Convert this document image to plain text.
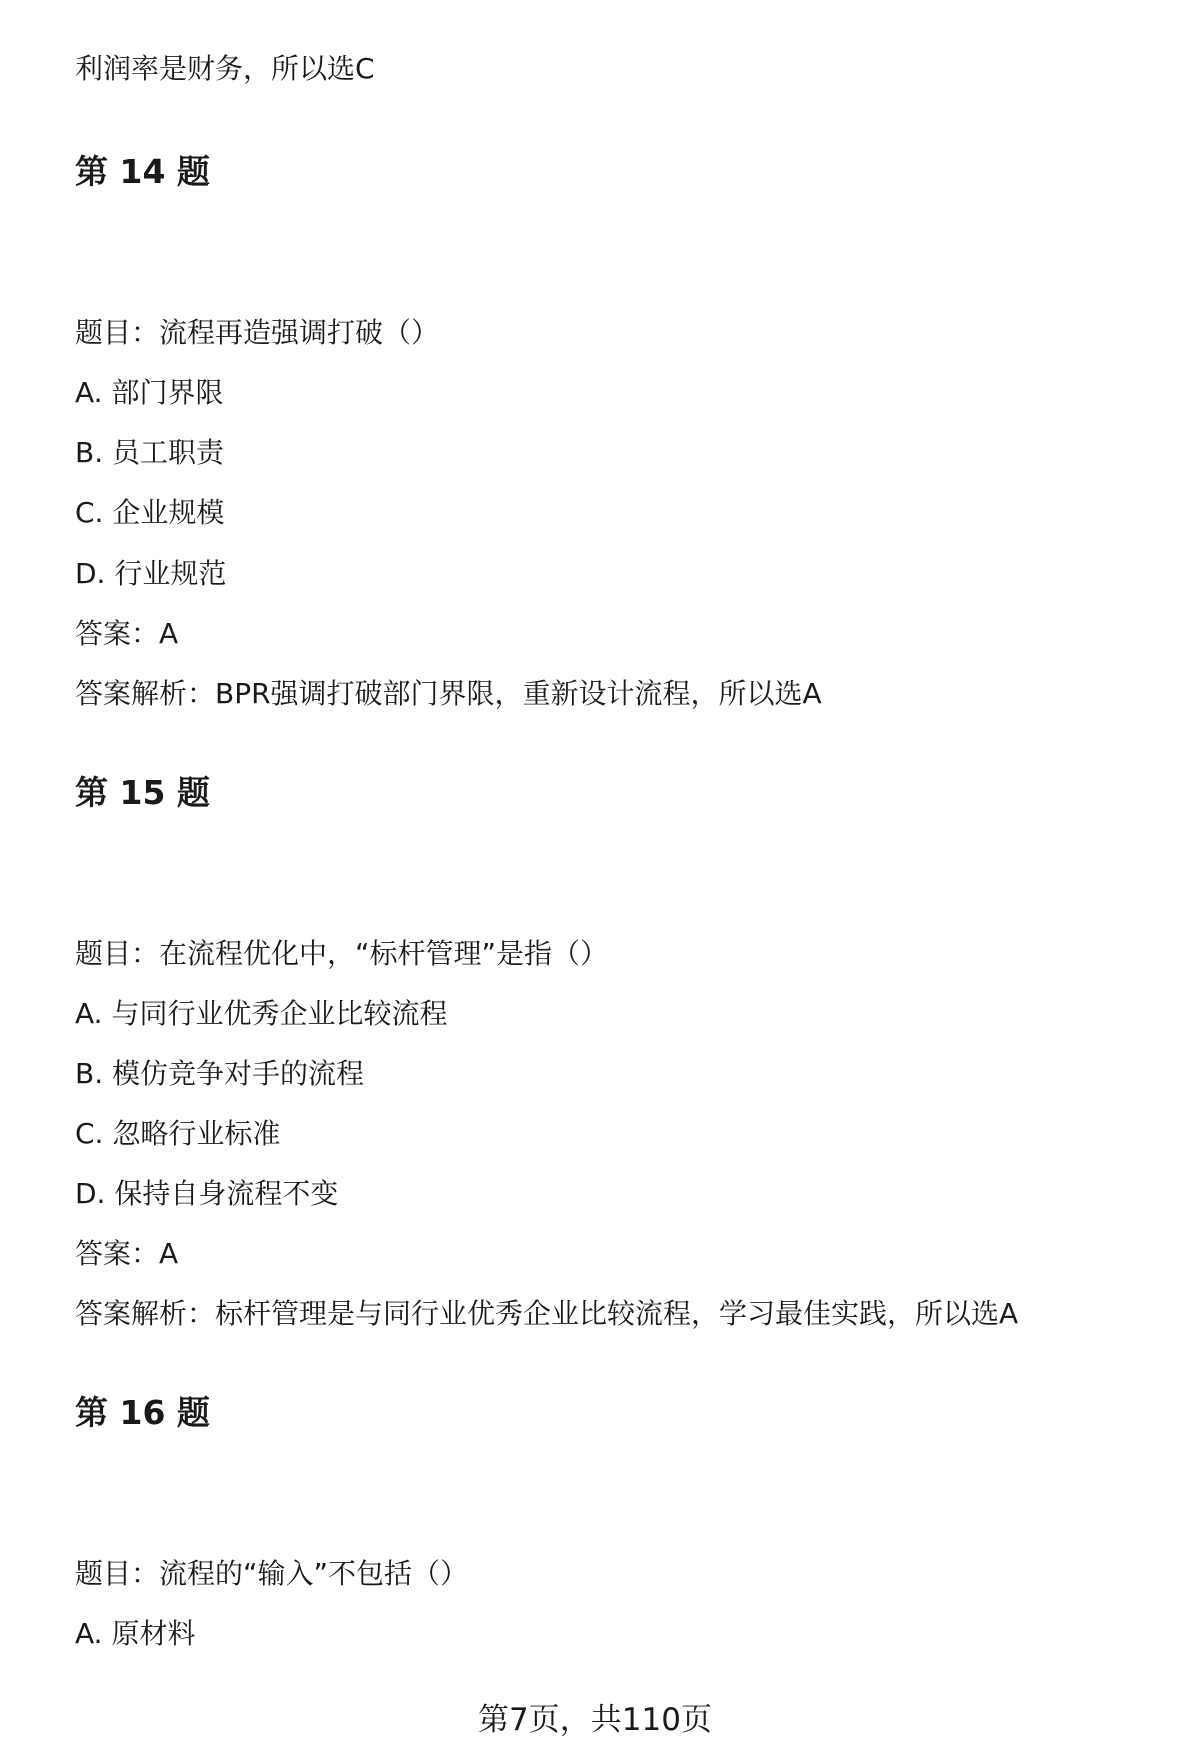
利润率是财务，所以选C
第 14 题
题目：流程再造强调打破（）
A. 部门界限
B. 员工职责
C. 企业规模
D. 行业规范
答案：A
答案解析：BPR强调打破部门界限，重新设计流程，所以选A
第 15 题
题目：在流程优化中，“标杆管理”是指（）
A. 与同行业优秀企业比较流程
B. 模仿竞争对手的流程
C. 忽略行业标准
D. 保持自身流程不变
答案：A
答案解析：标杆管理是与同行业优秀企业比较流程，学习最佳实践，所以选A
第 16 题
题目：流程的“输入”不包括（）
A. 原材料
第7页，共110页
